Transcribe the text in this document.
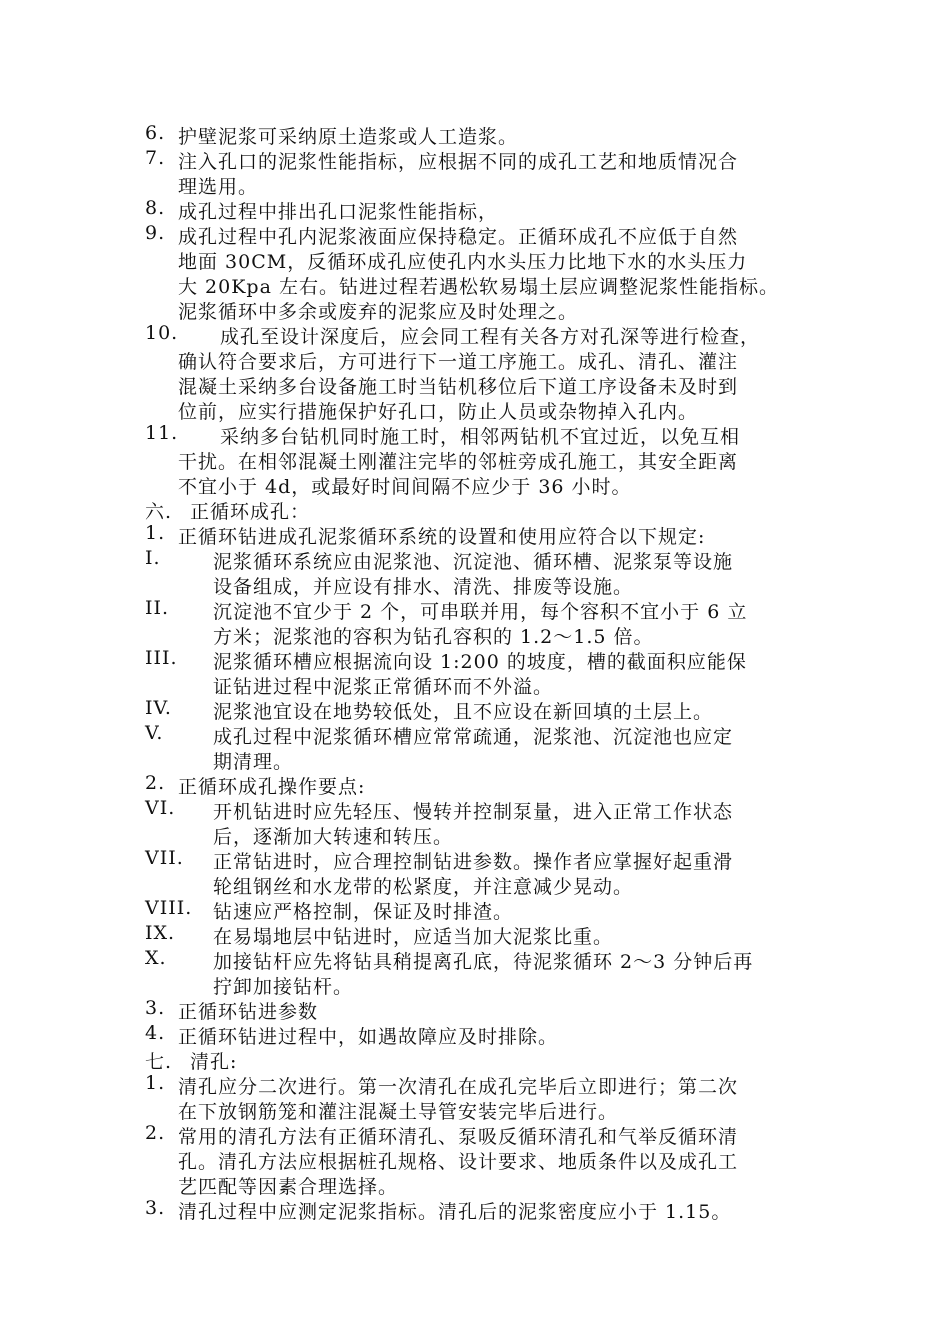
6. 护壁泥浆可采纳原土造浆或人工造浆。
7. 注入孔口的泥浆性能指标，应根据不同的成孔工艺和地质情况合
理选用。
8. 成孔过程中排出孔口泥浆性能指标，
9. 成孔过程中孔内泥浆液面应保持稳定。正循环成孔不应低于自然
地面 30CM，反循环成孔应使孔内水头压力比地下水的水头压力
大 20Kpa 左右。钻进过程若遇松软易塌土层应调整泥浆性能指标。
泥浆循环中多余或废弃的泥浆应及时处理之。
10. 成孔至设计深度后，应会同工程有关各方对孔深等进行检查，
确认符合要求后，方可进行下一道工序施工。成孔、清孔、灌注
混凝土采纳多台设备施工时当钻机移位后下道工序设备未及时到
位前，应实行措施保护好孔口，防止人员或杂物掉入孔内。
11. 采纳多台钻机同时施工时，相邻两钻机不宜过近，以免互相
干扰。在相邻混凝土刚灌注完毕的邻桩旁成孔施工，其安全距离
不宜小于 4d，或最好时间间隔不应少于 36 小时。
六. 正循环成孔：
1. 正循环钻进成孔泥浆循环系统的设置和使用应符合以下规定:
I.	泥浆循环系统应由泥浆池、沉淀池、循环槽、泥浆泵等设施
设备组成，并应设有排水、清洗、排废等设施。
II. 沉淀池不宜少于 2 个，可串联并用，每个容积不宜小于 6 立
方米；泥浆池的容积为钻孔容积的 1.2～1.5 倍。
III. 泥浆循环槽应根据流向设 1:200 的坡度，槽的截面积应能保
证钻进过程中泥浆正常循环而不外溢。
IV. 泥浆池宜设在地势较低处，且不应设在新回填的土层上。
V.	成孔过程中泥浆循环槽应常常疏通，泥浆池、沉淀池也应定
期清理。
2. 正循环成孔操作要点:
VI. 开机钻进时应先轻压、慢转并控制泵量，进入正常工作状态
后，逐渐加大转速和转压。
VII. 正常钻进时，应合理控制钻进参数。操作者应掌握好起重滑
轮组钢丝和水龙带的松紧度，并注意减少晃动。
VIII. 钻速应严格控制，保证及时排渣。
IX. 在易塌地层中钻进时，应适当加大泥浆比重。
X. 加接钻杆应先将钻具稍提离孔底，待泥浆循环 2～3 分钟后再
拧卸加接钻杆。
3. 正循环钻进参数
4. 正循环钻进过程中，如遇故障应及时排除。
七. 清孔:
1. 清孔应分二次进行。第一次清孔在成孔完毕后立即进行；第二次
在下放钢筋笼和灌注混凝土导管安装完毕后进行。
2. 常用的清孔方法有正循环清孔、泵吸反循环清孔和气举反循环清
孔。清孔方法应根据桩孔规格、设计要求、地质条件以及成孔工
艺匹配等因素合理选择。
3. 清孔过程中应测定泥浆指标。清孔后的泥浆密度应小于 1.15。
